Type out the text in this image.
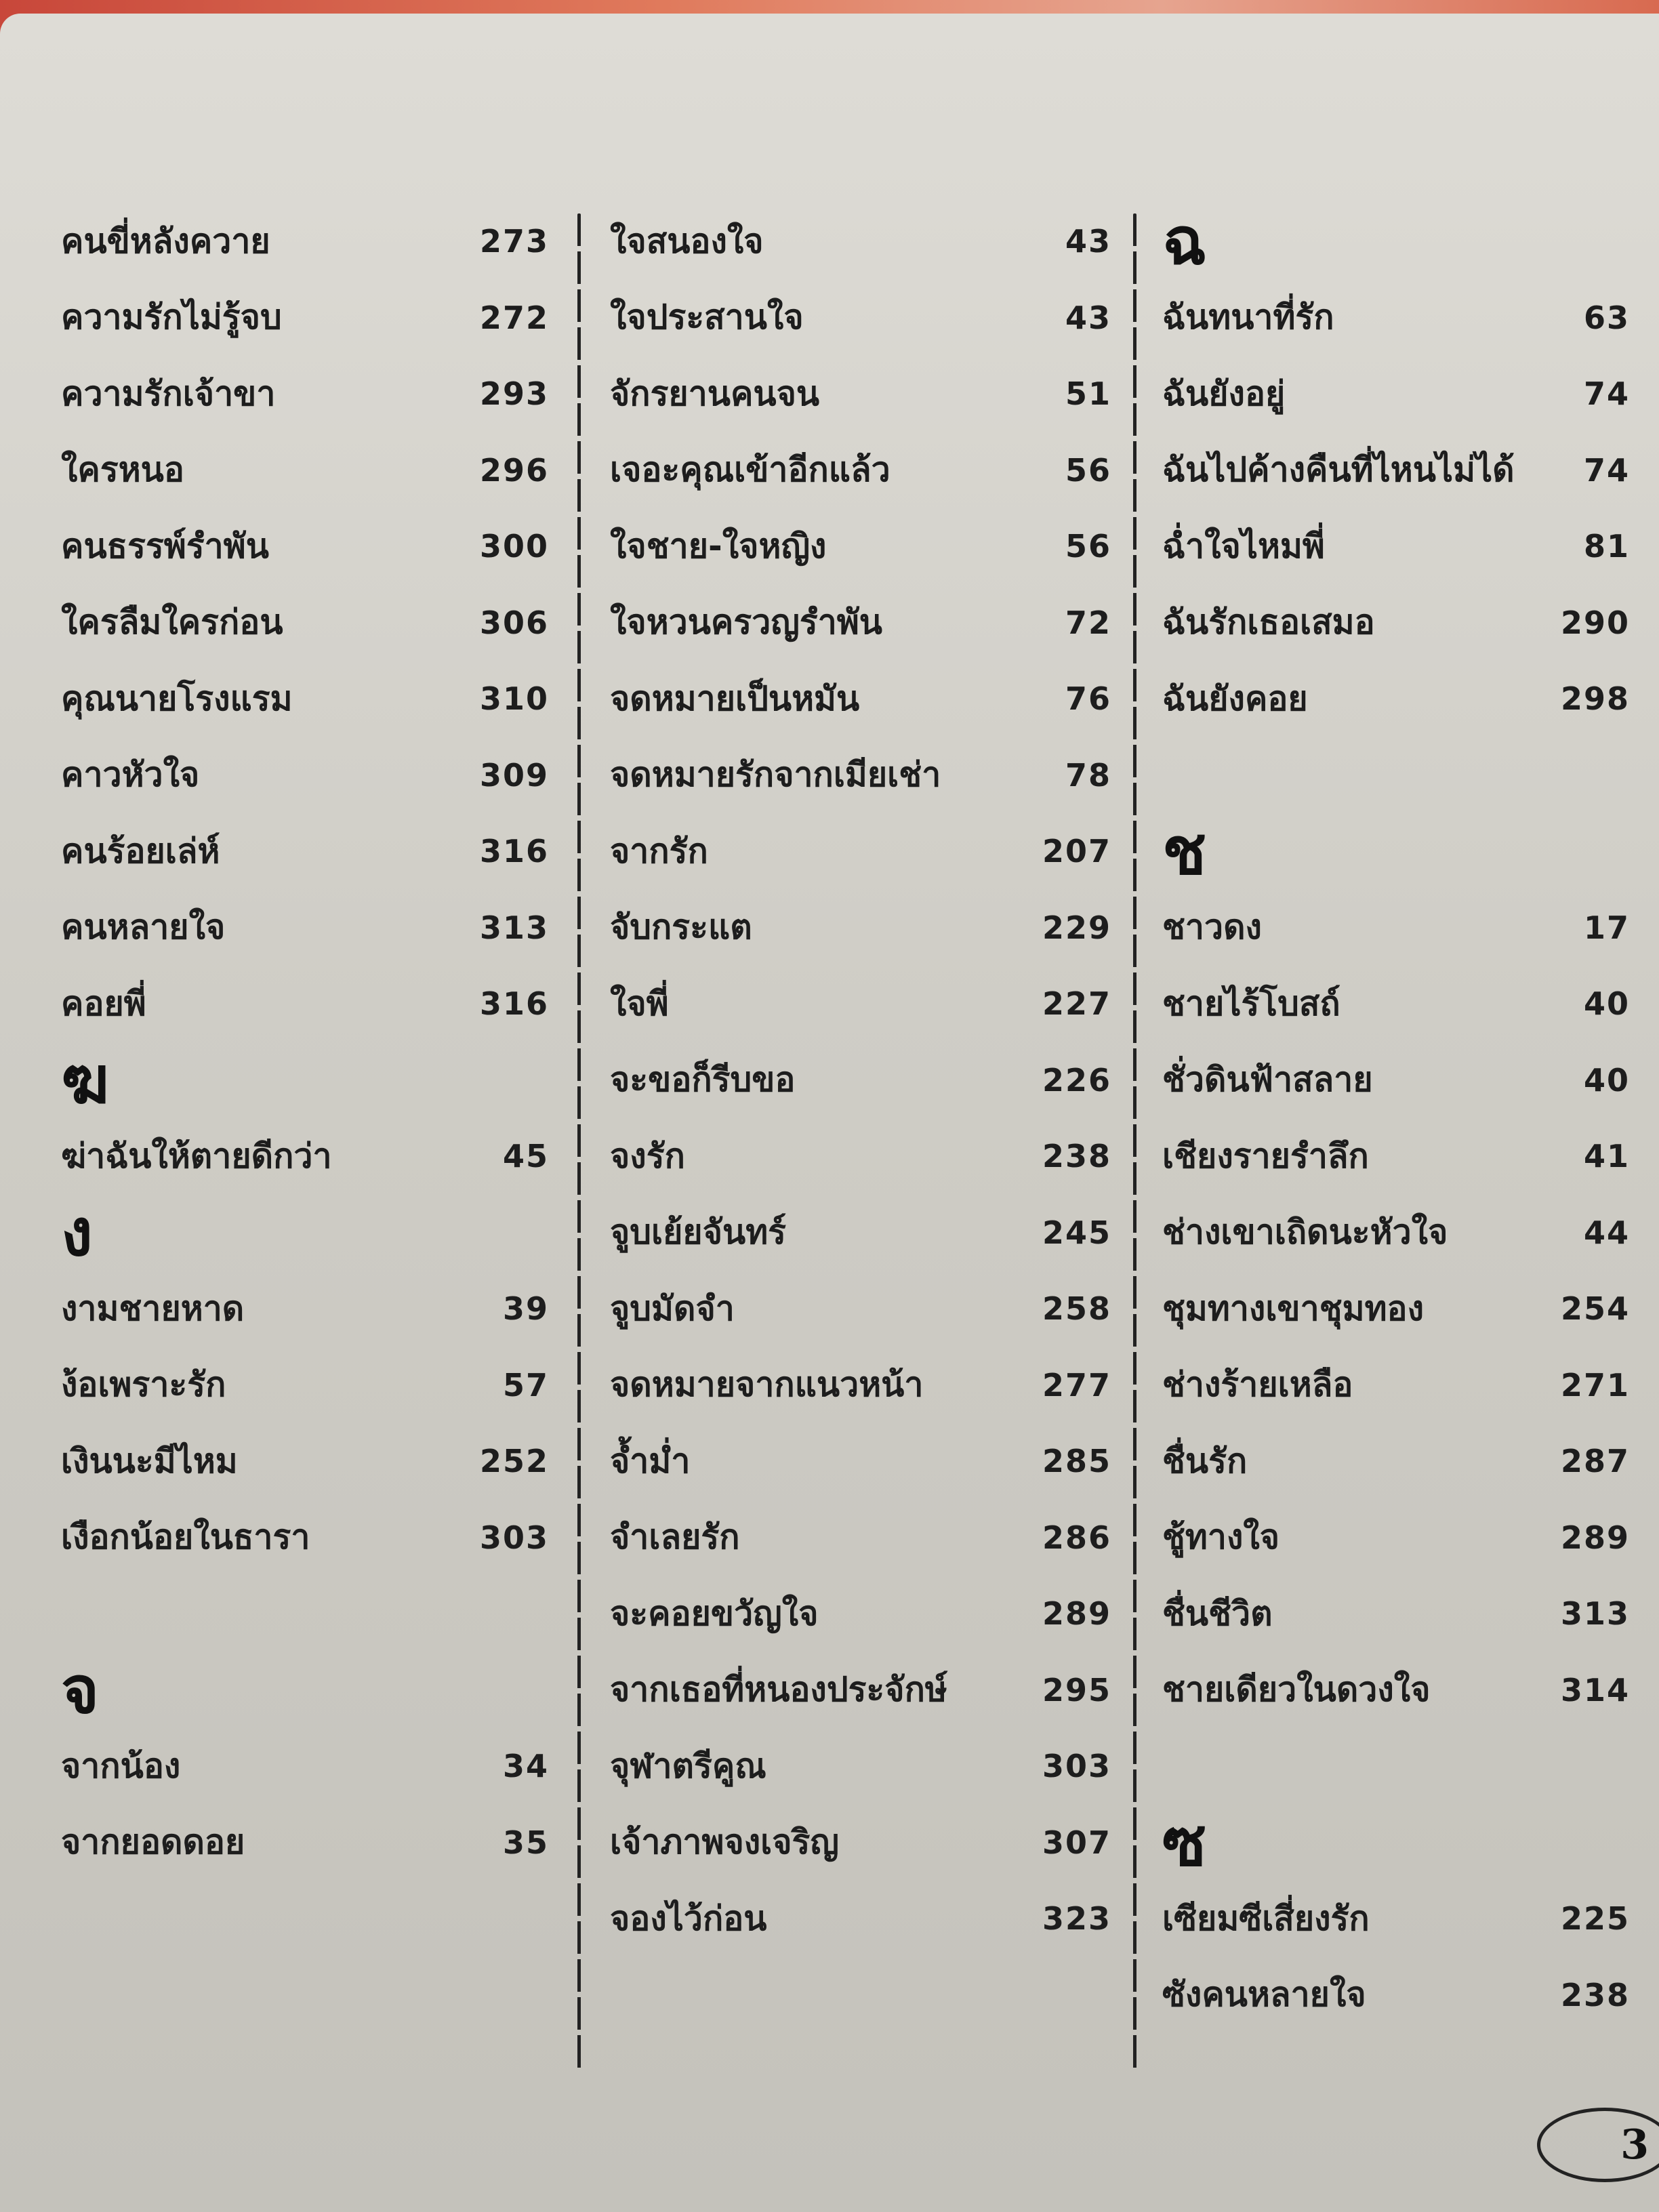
คนขี่หลังควาย	273
ความรักไม่รู้จบ	272
ความรักเจ้าขา	293
ใครหนอ	296
คนธรรพ์รำพัน	300
ใครลืมใครก่อน	306
คุณนายโรงแรม	310
คาวหัวใจ	309
คนร้อยเล่ห์	316
คนหลายใจ	313
คอยพี่	316
ฆ
ฆ่าฉันให้ตายดีกว่า	45
ง
งามชายหาด	39
ง้อเพราะรัก	57
เงินนะมีไหม	252
เงือกน้อยในธารา	303
จ
จากน้อง	34
จากยอดดอย	35
ใจสนองใจ	43
ใจประสานใจ	43
จักรยานคนจน	51
เจอะคุณเข้าอีกแล้ว	56
ใจชาย-ใจหญิง	56
ใจหวนครวญรำพัน	72
จดหมายเป็นหมัน	76
จดหมายรักจากเมียเช่า	78
จากรัก	207
จับกระแต	229
ใจพี่	227
จะขอก็รีบขอ	226
จงรัก	238
จูบเย้ยจันทร์	245
จูบมัดจำ	258
จดหมายจากแนวหน้า	277
จ้ำม่ำ	285
จำเลยรัก	286
จะคอยขวัญใจ	289
จากเธอที่หนองประจักษ์	295
จุฬาตรีคูณ	303
เจ้าภาพจงเจริญ	307
จองไว้ก่อน	323
ฉ
ฉันทนาที่รัก	63
ฉันยังอยู่	74
ฉันไปค้างคืนที่ไหนไม่ได้ 74
ฉ่ำใจไหมพี่	81
ฉันรักเธอเสมอ	290
ฉันยังคอย	298
ช
ชาวดง	17
ชายไร้โบสถ์	40
ชั่วดินฟ้าสลาย	40
เชียงรายรำลึก	41
ช่างเขาเถิดนะหัวใจ	44
ชุมทางเขาชุมทอง	254
ช่างร้ายเหลือ	271
ชื่นรัก	287
ชู้ทางใจ	289
ชื่นชีวิต	313
ชายเดียวในดวงใจ	314
ซ
เซียมซีเสี่ยงรัก	225
ซังคนหลายใจ	238
3
